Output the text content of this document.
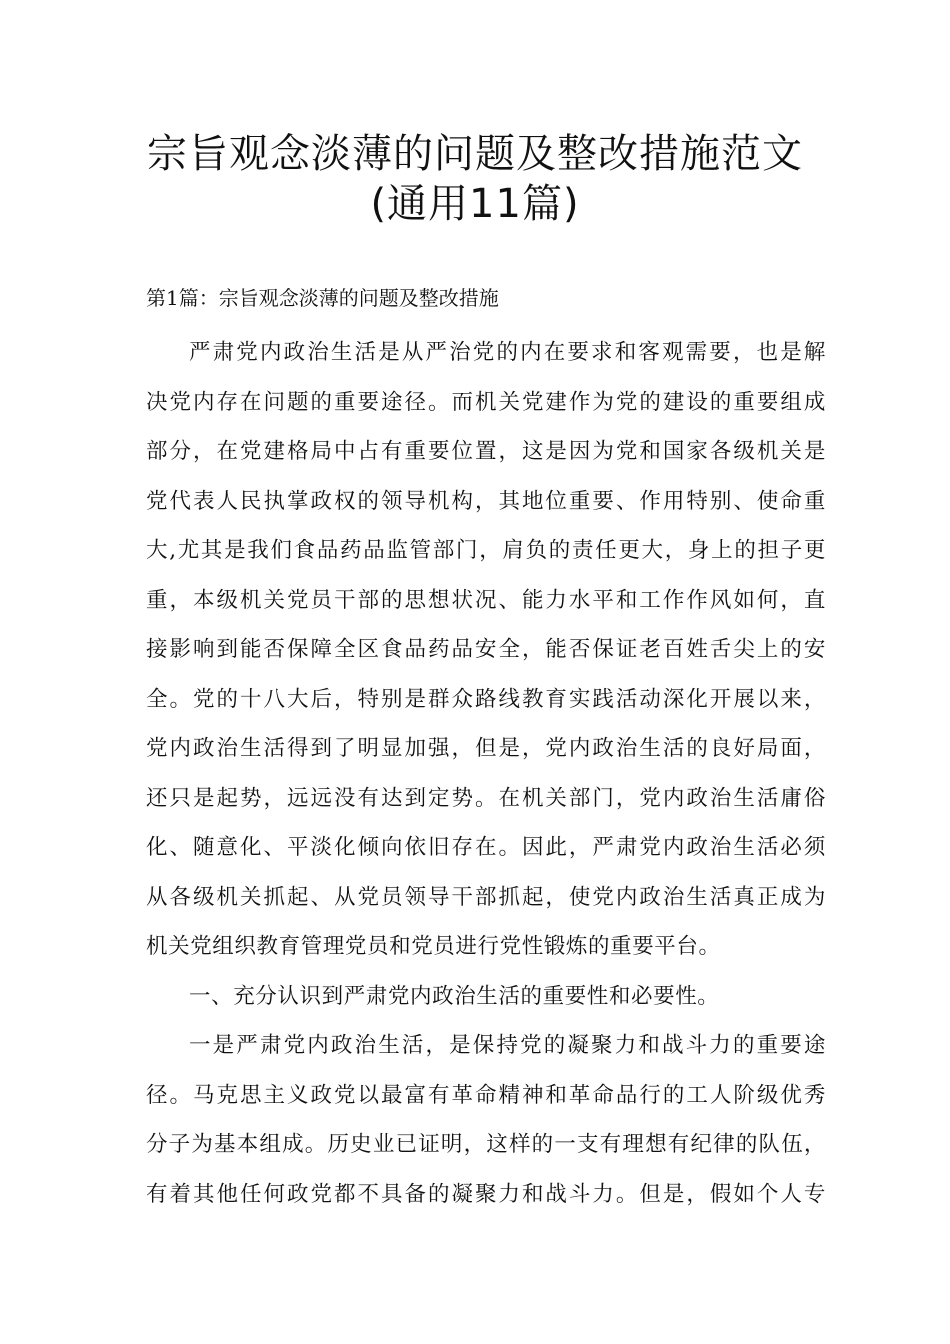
宗旨观念淡薄的问题及整改措施范文
(通用11篇)
第1篇：宗旨观念淡薄的问题及整改措施
严肃党内政治生活是从严治党的内在要求和客观需要，也是解
决党内存在问题的重要途径。而机关党建作为党的建设的重要组成
部分，在党建格局中占有重要位置，这是因为党和国家各级机关是
党代表人民执掌政权的领导机构，其地位重要、作用特别、使命重
大,尤其是我们食品药品监管部门，肩负的责任更大，身上的担子更
重，本级机关党员干部的思想状况、能力水平和工作作风如何，直
接影响到能否保障全区食品药品安全，能否保证老百姓舌尖上的安
全。党的十八大后，特别是群众路线教育实践活动深化开展以来，
党内政治生活得到了明显加强，但是，党内政治生活的良好局面，
还只是起势，远远没有达到定势。在机关部门，党内政治生活庸俗
化、随意化、平淡化倾向依旧存在。因此，严肃党内政治生活必须
从各级机关抓起、从党员领导干部抓起，使党内政治生活真正成为
机关党组织教育管理党员和党员进行党性锻炼的重要平台。
一、充分认识到严肃党内政治生活的重要性和必要性。
一是严肃党内政治生活，是保持党的凝聚力和战斗力的重要途
径。马克思主义政党以最富有革命精神和革命品行的工人阶级优秀
分子为基本组成。历史业已证明，这样的一支有理想有纪律的队伍，
有着其他任何政党都不具备的凝聚力和战斗力。但是，假如个人专
